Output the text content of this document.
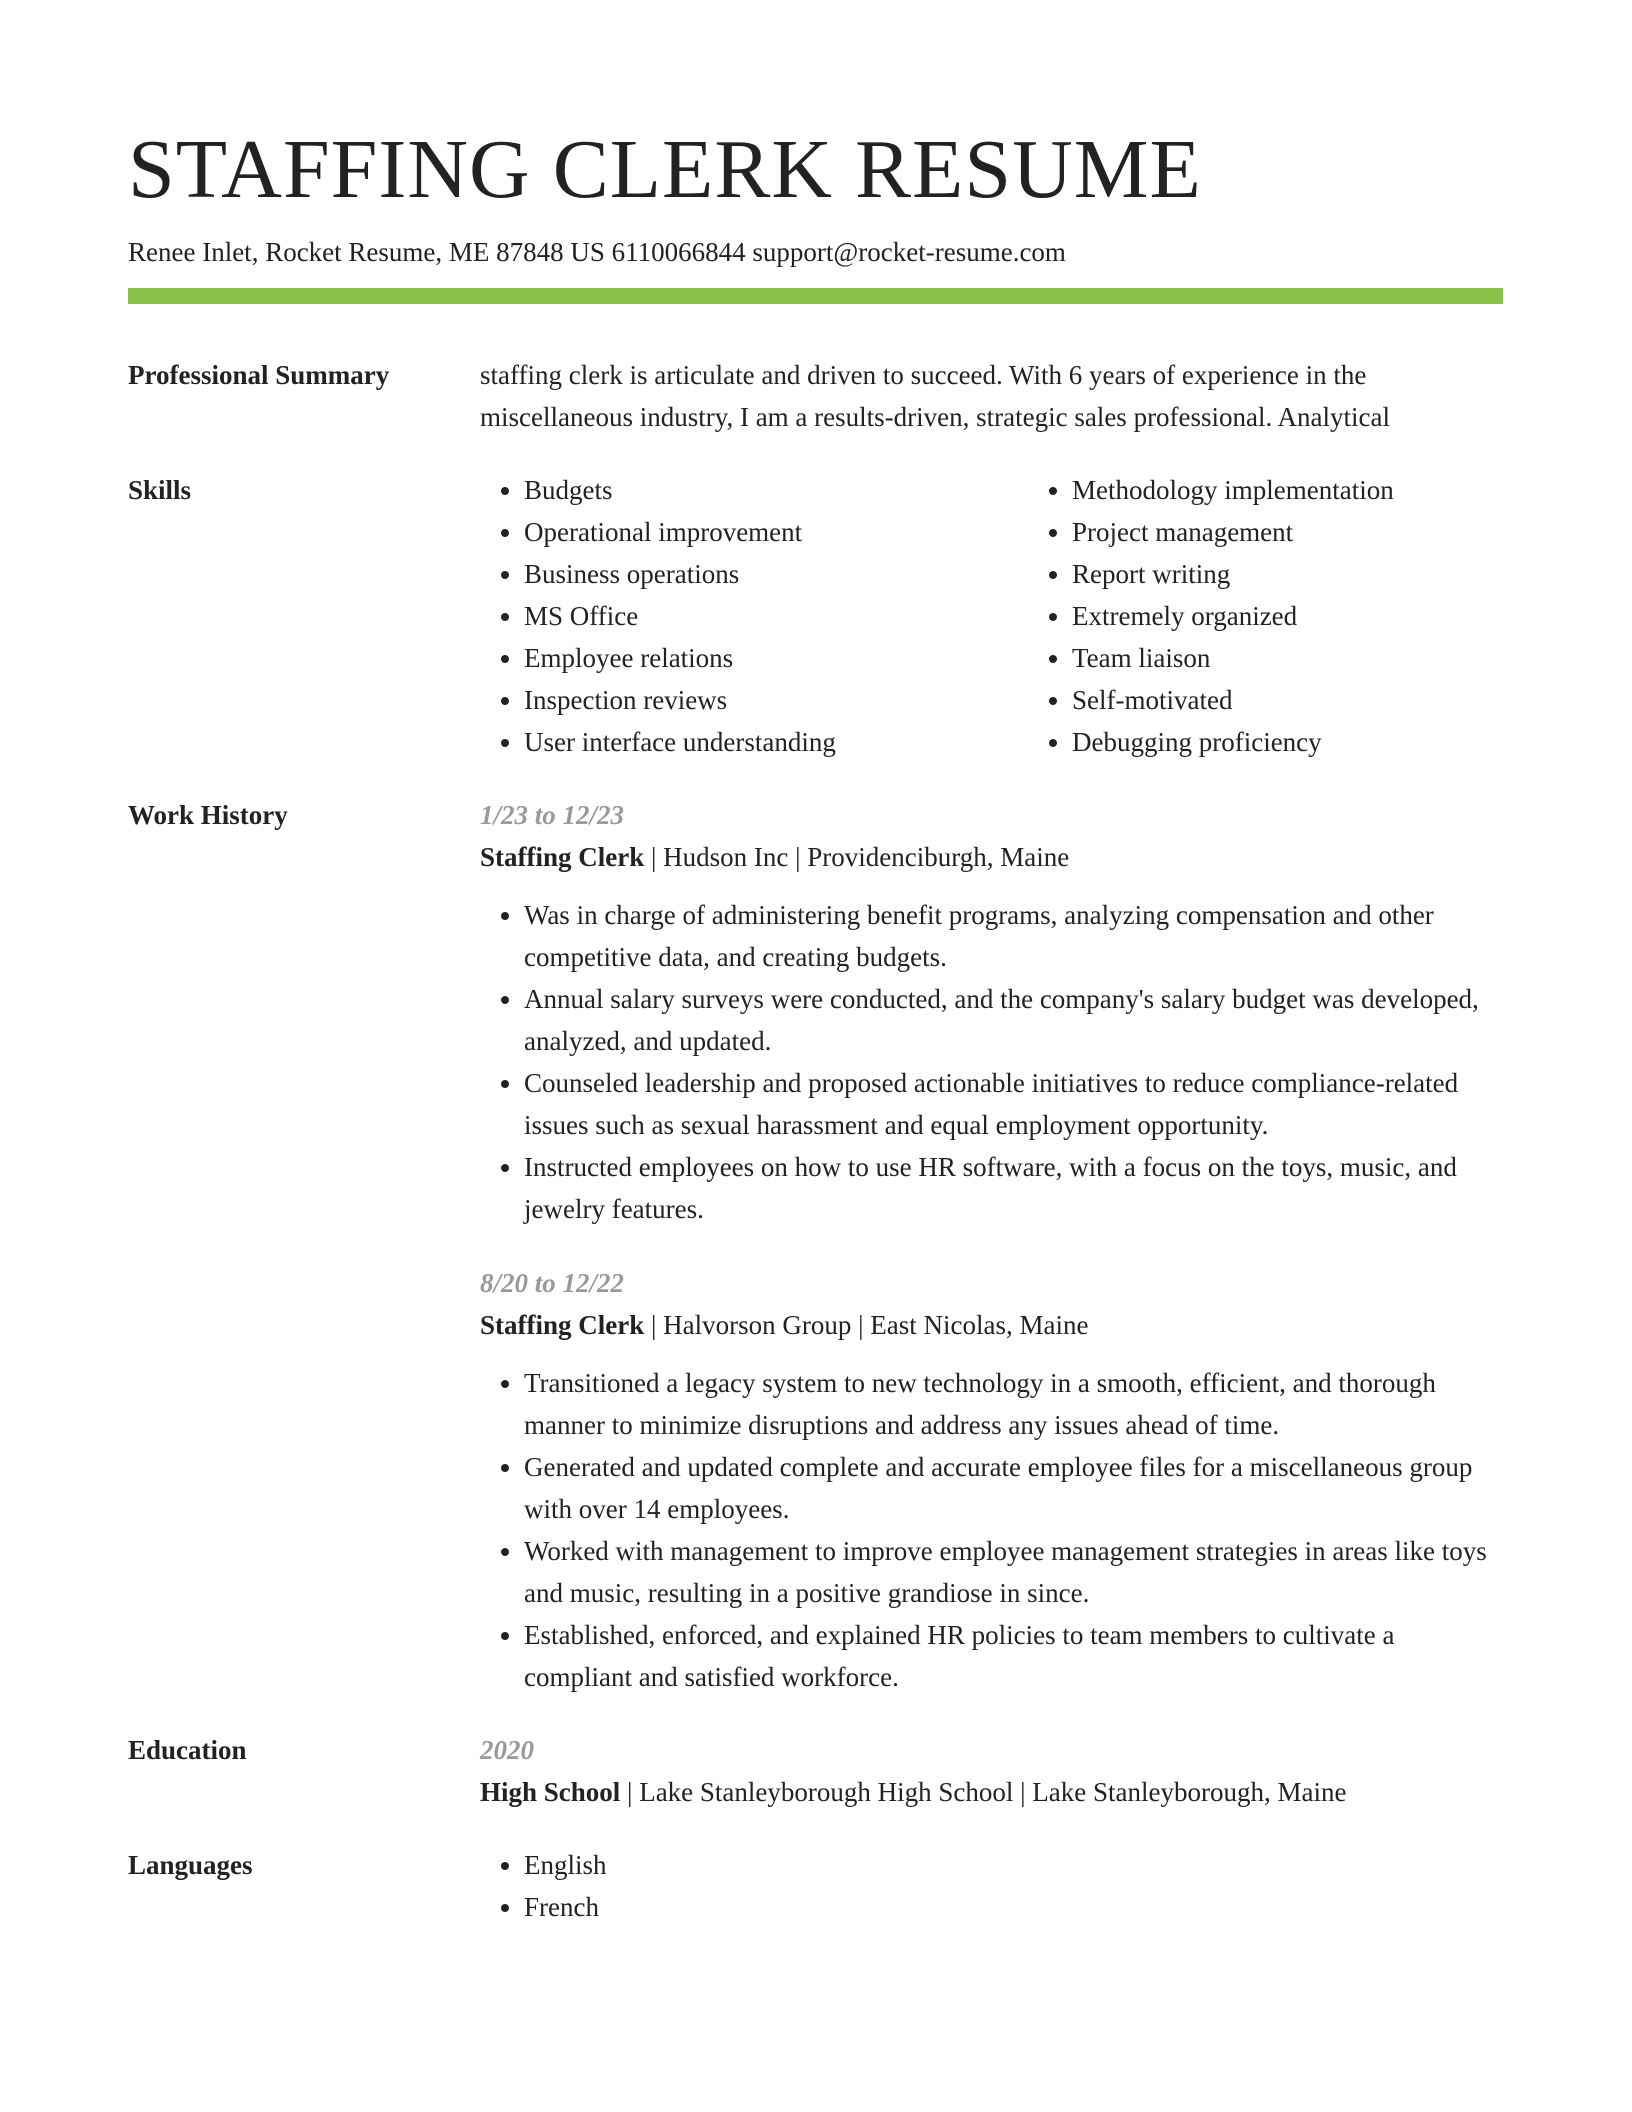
STAFFING CLERK RESUME
Renee Inlet, Rocket Resume, ME 87848 US 6110066844 support@rocket-resume.com
Professional Summary	staffing clerk is articulate and driven to succeed. With 6 years of experience in the miscellaneous industry, I am a results-driven, strategic sales professional. Analytical

Skills	• Budgets
• Operational improvement
• Business operations
• MS Office
• Employee relations
• Inspection reviews
• User interface understanding
• Methodology implementation
• Project management
• Report writing
• Extremely organized
• Team liaison
• Self-motivated
• Debugging proficiency
Work History	1/23 to 12/23
Staffing Clerk | Hudson Inc | Providenciburgh, Maine
• Was in charge of administering benefit programs, analyzing compensation and other competitive data, and creating budgets.
• Annual salary surveys were conducted, and the company's salary budget was developed, analyzed, and updated.
• Counseled leadership and proposed actionable initiatives to reduce compliance-related issues such as sexual harassment and equal employment opportunity.
• Instructed employees on how to use HR software, with a focus on the toys, music, and jewelry features.
8/20 to 12/22
Staffing Clerk | Halvorson Group | East Nicolas, Maine
• Transitioned a legacy system to new technology in a smooth, efficient, and thorough manner to minimize disruptions and address any issues ahead of time.
• Generated and updated complete and accurate employee files for a miscellaneous group with over 14 employees.
• Worked with management to improve employee management strategies in areas like toys and music, resulting in a positive grandiose in since.
• Established, enforced, and explained HR policies to team members to cultivate a compliant and satisfied workforce.
Education	2020
High School | Lake Stanleyborough High School | Lake Stanleyborough, Maine
Languages	• English
• French
